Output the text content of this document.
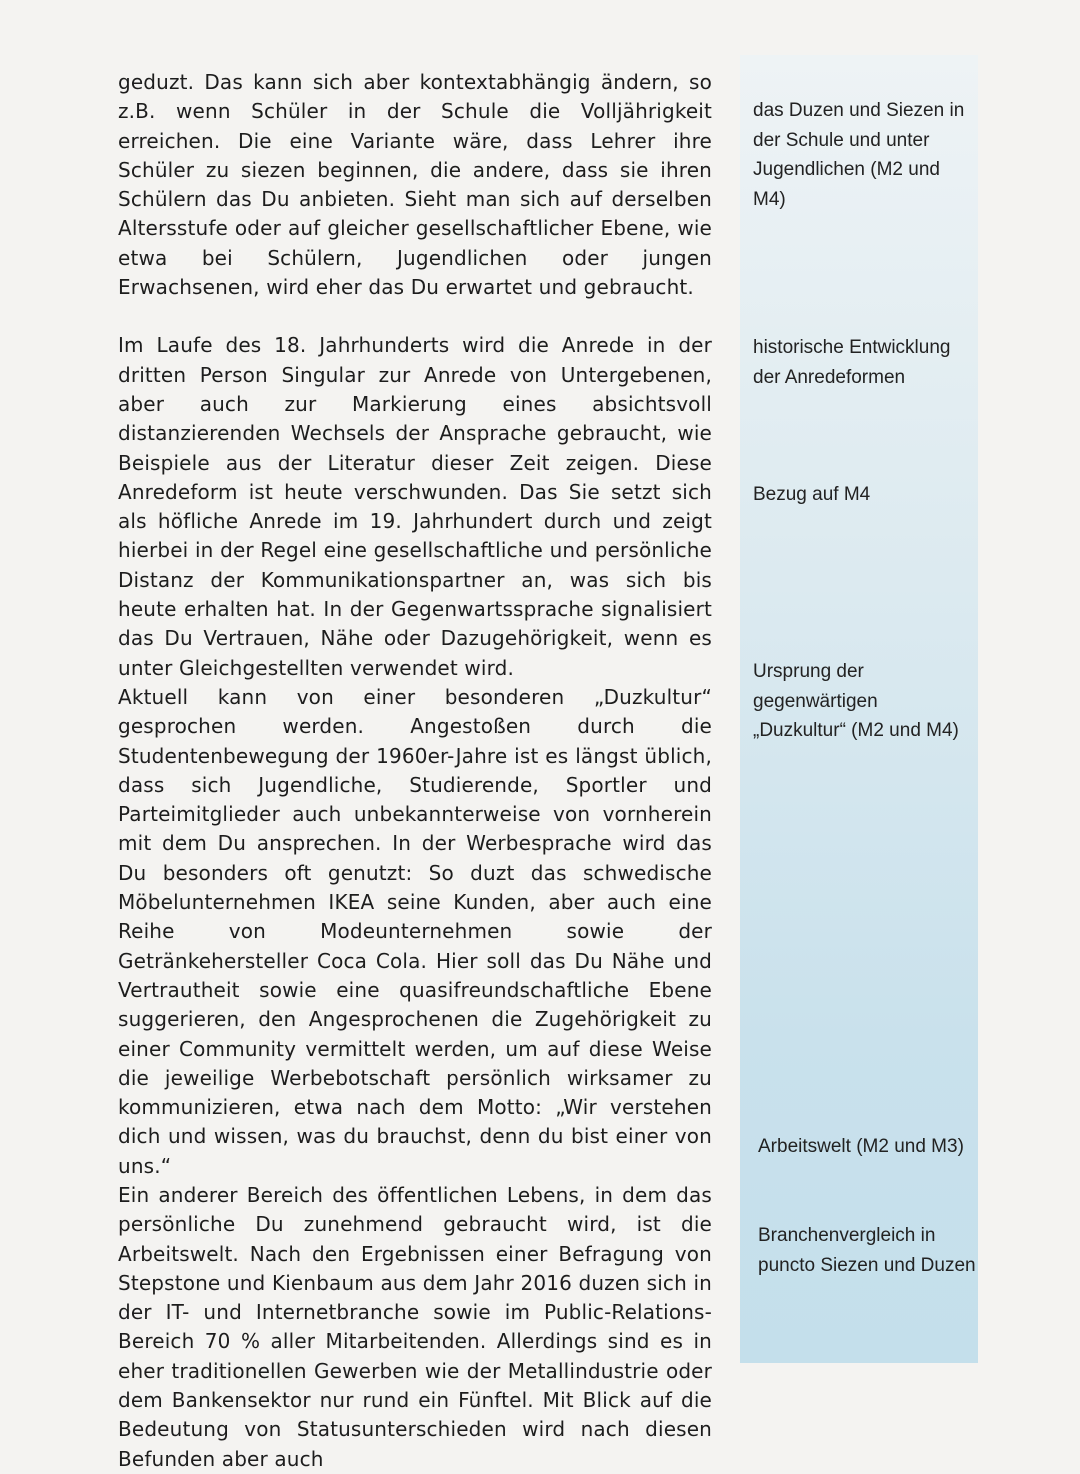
geduzt. Das kann sich aber kontextabhängig ändern, so z.B. wenn Schüler in der Schule die Volljährigkeit erreichen. Die eine Variante wäre, dass Lehrer ihre Schüler zu siezen beginnen, die andere, dass sie ihren Schülern das Du anbieten. Sieht man sich auf derselben Altersstufe oder auf gleicher gesellschaftlicher Ebene, wie etwa bei Schülern, Jugendlichen oder jungen Erwachsenen, wird eher das Du erwartet und gebraucht.

Im Laufe des 18. Jahrhunderts wird die Anrede in der dritten Person Singular zur Anrede von Untergebenen, aber auch zur Markierung eines absichtsvoll distanzierenden Wechsels der Ansprache gebraucht, wie Beispiele aus der Literatur dieser Zeit zeigen. Diese Anredeform ist heute verschwunden. Das Sie setzt sich als höfliche Anrede im 19. Jahrhundert durch und zeigt hierbei in der Regel eine gesellschaftliche und persönliche Distanz der Kommunikationspartner an, was sich bis heute erhalten hat. In der Gegenwartssprache signalisiert das Du Vertrauen, Nähe oder Dazugehörigkeit, wenn es unter Gleichgestellten verwendet wird.

Aktuell kann von einer besonderen „Duzkultur“ gesprochen werden. Angestoßen durch die Studentenbewegung der 1960er-Jahre ist es längst üblich, dass sich Jugendliche, Studierende, Sportler und Parteimitglieder auch unbekannterweise von vornherein mit dem Du ansprechen. In der Werbesprache wird das Du besonders oft genutzt: So duzt das schwedische Möbelunternehmen IKEA seine Kunden, aber auch eine Reihe von Modeunternehmen sowie der Getränkehersteller Coca Cola. Hier soll das Du Nähe und Vertrautheit sowie eine quasifreundschaftliche Ebene suggerieren, den Angesprochenen die Zugehörigkeit zu einer Community vermittelt werden, um auf diese Weise die jeweilige Werbebotschaft persönlich wirksamer zu kommunizieren, etwa nach dem Motto: „Wir verstehen dich und wissen, was du brauchst, denn du bist einer von uns.“

Ein anderer Bereich des öffentlichen Lebens, in dem das persönliche Du zunehmend gebraucht wird, ist die Arbeitswelt. Nach den Ergebnissen einer Befragung von Stepstone und Kienbaum aus dem Jahr 2016 duzen sich in der IT- und Internetbranche sowie im Public-Relations-Bereich 70 % aller Mitarbeitenden. Allerdings sind es in eher traditionellen Gewerben wie der Metallindustrie oder dem Bankensektor nur rund ein Fünftel. Mit Blick auf die Bedeutung von Statusunterschieden wird nach diesen Befunden aber auch

das Duzen und Siezen in der Schule und unter Jugendlichen (M2 und M4)
historische Entwicklung der Anredeformen
Bezug auf M4
Ursprung der gegenwärtigen „Duzkultur“ (M2 und M4)
Arbeitswelt (M2 und M3)
Branchenvergleich in puncto Siezen und Duzen
